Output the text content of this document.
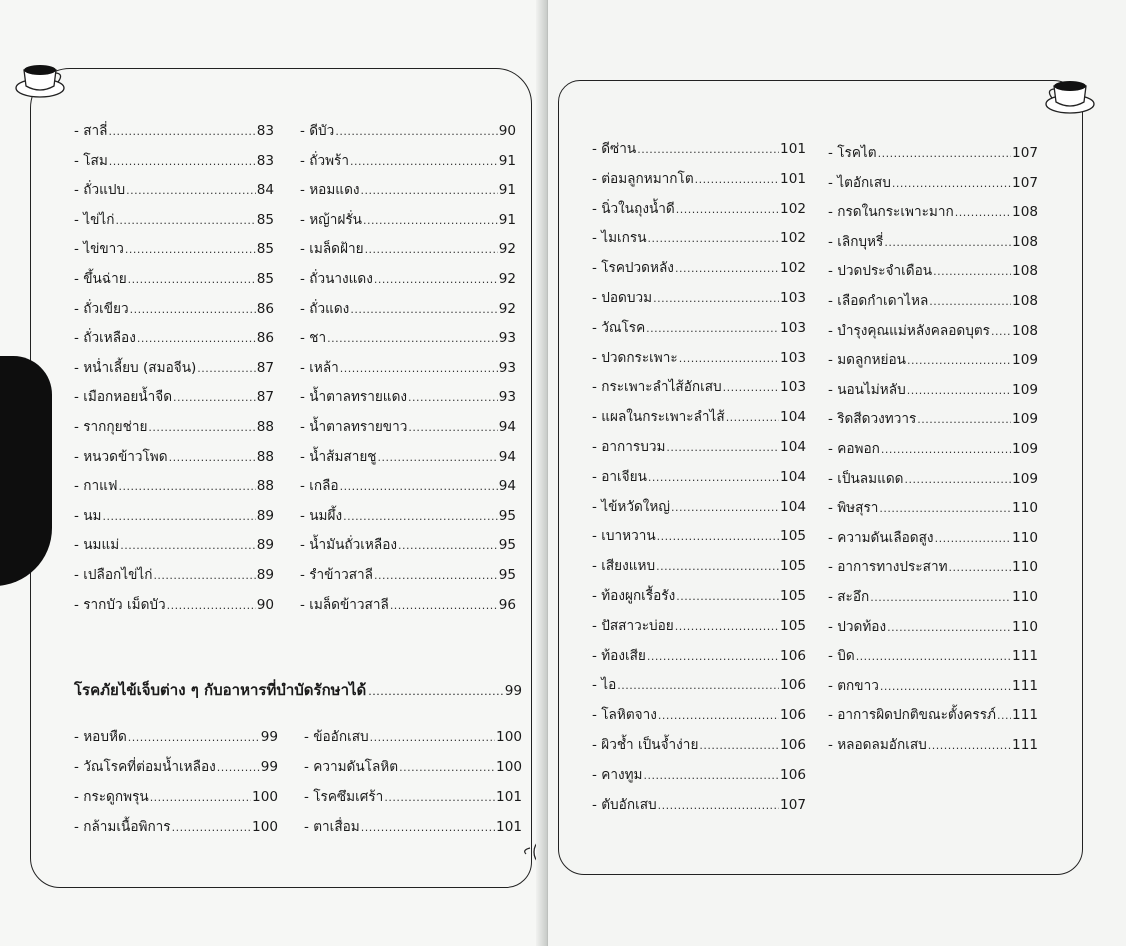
- สาลี่ .....	83
- โสม .....	83
- ถั่วแปบ .....	84
- ไข่ไก่ .....	85
- ไข่ขาว .....	85
- ขึ้นฉ่าย .....	85
- ถั่วเขียว .....	86
- ถั่วเหลือง .....	86
- หน่ำเลี้ยบ (สมอจีน) .....	87
- เมือกหอยน้ำจืด .....	87
- รากกุยช่าย .....	88
- หนวดข้าวโพด .....	88
- กาแฟ .....	88
- นม .....	89
- นมแม่ .....	89
- เปลือกไข่ไก่ .....	89
- รากบัว เม็ดบัว .....	90
- ดีบัว .....	90
- ถั่วพร้า .....	91
- หอมแดง .....	91
- หญ้าฝรั่น .....	91
- เมล็ดฝ้าย .....	92
- ถั่วนางแดง .....	92
- ถั่วแดง .....	92
- ชา .....	93
- เหล้า .....	93
- น้ำตาลทรายแดง .....	93
- น้ำตาลทรายขาว .....	94
- น้ำส้มสายชู .....	94
- เกลือ .....	94
- นมผึ้ง .....	95
- น้ำมันถั่วเหลือง .....	95
- รำข้าวสาลี .....	95
- เมล็ดข้าวสาลี .....	96
โรคภัยไข้เจ็บต่าง ๆ กับอาหารที่บำบัดรักษาได้ .....	99
- หอบหืด .....	99
- วัณโรคที่ต่อมน้ำเหลือง .....	99
- กระดูกพรุน .....	100
- กล้ามเนื้อพิการ .....	100
- ข้ออักเสบ .....	100
- ความดันโลหิต .....	100
- โรคซึมเศร้า .....	101
- ตาเสื่อม .....	101
- ดีซ่าน .....	101
- ต่อมลูกหมากโต .....	101
- นิ่วในถุงน้ำดี .....	102
- ไมเกรน .....	102
- โรคปวดหลัง .....	102
- ปอดบวม .....	103
- วัณโรค .....	103
- ปวดกระเพาะ .....	103
- กระเพาะลำไส้อักเสบ .....	103
- แผลในกระเพาะลำไส้ .....	104
- อาการบวม .....	104
- อาเจียน .....	104
- ไข้หวัดใหญ่ .....	104
- เบาหวาน .....	105
- เสียงแหบ .....	105
- ท้องผูกเรื้อรัง .....	105
- ปัสสาวะบ่อย .....	105
- ท้องเสีย .....	106
- ไอ .....	106
- โลหิตจาง .....	106
- ผิวช้ำ เป็นจ้ำง่าย .....	106
- คางทูม .....	106
- ตับอักเสบ .....	107
- โรคไต .....	107
- ไตอักเสบ .....	107
- กรดในกระเพาะมาก .....	108
- เลิกบุหรี่ .....	108
- ปวดประจำเดือน .....	108
- เลือดกำเดาไหล .....	108
- บำรุงคุณแม่หลังคลอดบุตร ..... 108
- มดลูกหย่อน .....	109
- นอนไม่หลับ .....	109
- ริดสีดวงทวาร .....	109
- คอพอก .....	109
- เป็นลมแดด .....	109
- พิษสุรา .....	110
- ความดันเลือดสูง .....	110
- อาการทางประสาท .....	110
- สะอึก .....	110
- ปวดท้อง .....	110
- บิด .....	111
- ตกขาว .....	111
- อาการผิดปกติขณะตั้งครรภ์ ..... 111
- หลอดลมอักเสบ .....	111
